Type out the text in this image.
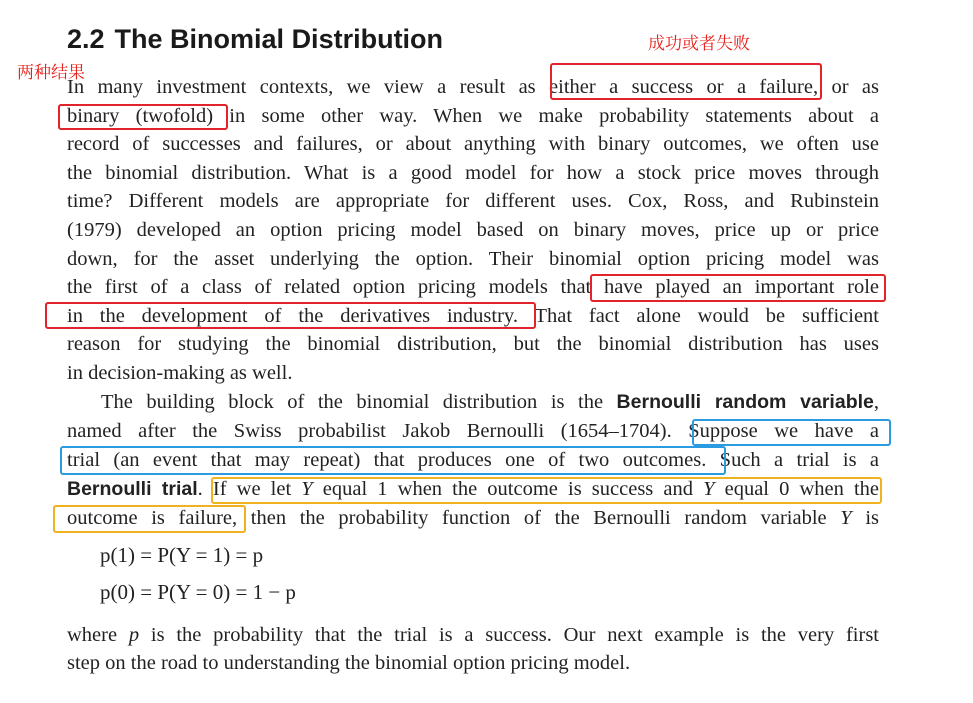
2.2 The Binomial Distribution	成功或者失败
两种结果
In many investment contexts, we view a result as either a success or a failure, or as
binary (twofold) in some other way. When we make probability statements about a
record of successes and failures, or about anything with binary outcomes, we often use
the binomial distribution. What is a good model for how a stock price moves through
time? Different models are appropriate for different uses. Cox, Ross, and Rubinstein
(1979) developed an option pricing model based on binary moves, price up or price
down, for the asset underlying the option. Their binomial option pricing model was
the first of a class of related option pricing models that have played an important role
in the development of the derivatives industry. That fact alone would be sufficient
reason for studying the binomial distribution, but the binomial distribution has uses
in decision-making as well.
The building block of the binomial distribution is the Bernoulli random variable,
named after the Swiss probabilist Jakob Bernoulli (1654–1704). Suppose we have a
trial (an event that may repeat) that produces one of two outcomes. Such a trial is a
Bernoulli trial. If we let Y equal 1 when the outcome is success and Y equal 0 when the
outcome is failure, then the probability function of the Bernoulli random variable Y is
p(1) = P(Y = 1) = p
p(0) = P(Y = 0) = 1 − p
where p is the probability that the trial is a success. Our next example is the very first
step on the road to understanding the binomial option pricing model.
